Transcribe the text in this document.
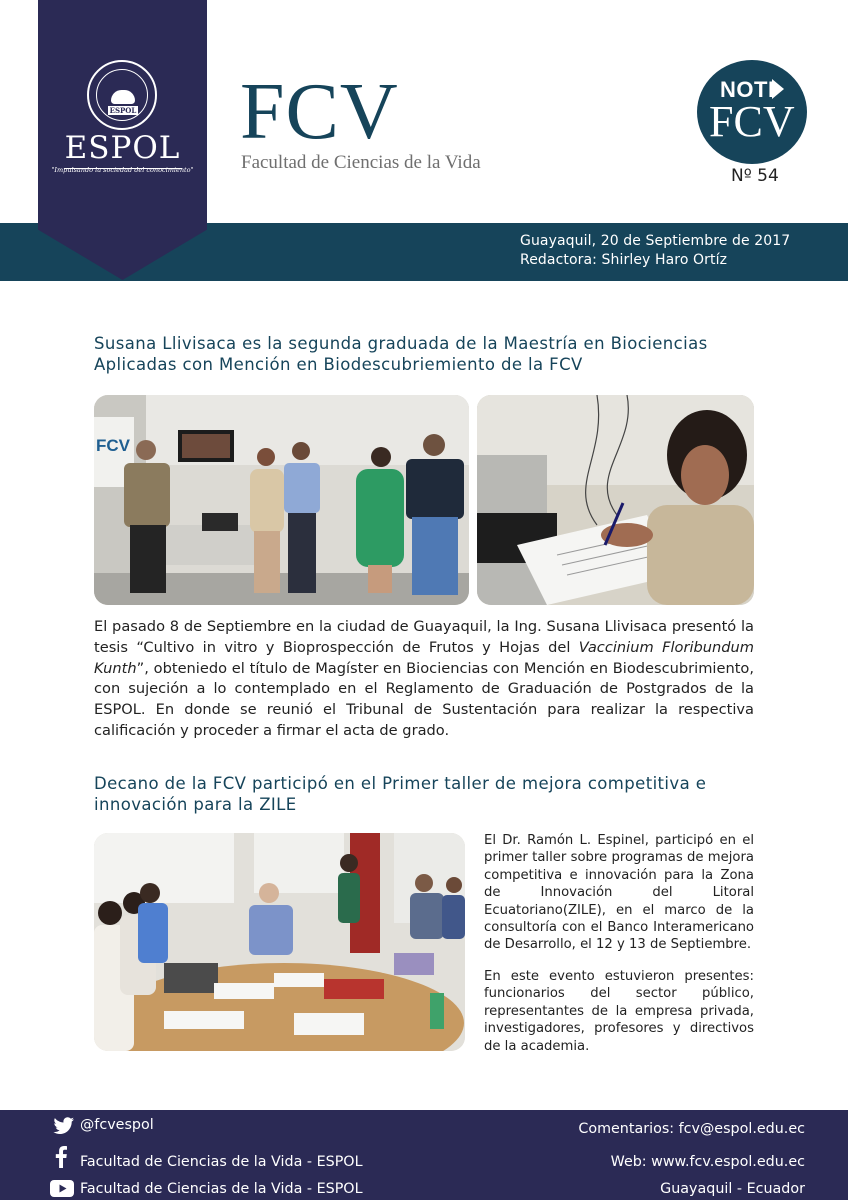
Guayaquil, 20 de Septiembre de 2017
Redactora: Shirley Haro Ortíz
ESPOL
ESPOL
"Impulsando la sociedad del conocimiento"
FCV
Facultad de Ciencias de la Vida
NOTI
FCV
Nº 54
Susana Llivisaca es la segunda graduada de la Maestría en Biociencias Aplicadas con Mención en Biodescubriemiento de la FCV
FCV
El pasado 8 de Septiembre en la ciudad de Guayaquil, la Ing. Susana Llivisaca presentó la tesis “Cultivo in vitro y Bioprospección de Frutos y Hojas del Vaccinium Floribundum Kunth”, obteniedo el título de Magíster en Biociencias con Mención en Biodescubrimiento, con sujeción a lo contemplado en el Reglamento de Graduación de Postgrados de la ESPOL. En donde se reunió el Tribunal de Sustentación para realizar la respectiva calificación y proceder a firmar el acta de grado.
Decano de la FCV participó en el Primer taller de mejora competitiva e innovación para la ZILE
El Dr. Ramón L. Espinel, participó en el primer taller sobre programas de mejora competitiva e innovación para la Zona de Innovación del Litoral Ecuatoriano(ZILE), en el marco de la consultoría con el Banco Interamericano de Desarrollo, el 12 y 13 de Septiembre.
En este evento estuvieron presentes: funcionarios del sector público, representantes de la empresa privada, investigadores, profesores y directivos de la academia.
@fcvespol
Facultad de Ciencias de la Vida - ESPOL
Facultad de Ciencias de la Vida - ESPOL
Comentarios: fcv@espol.edu.ec
Web: www.fcv.espol.edu.ec
Guayaquil - Ecuador
